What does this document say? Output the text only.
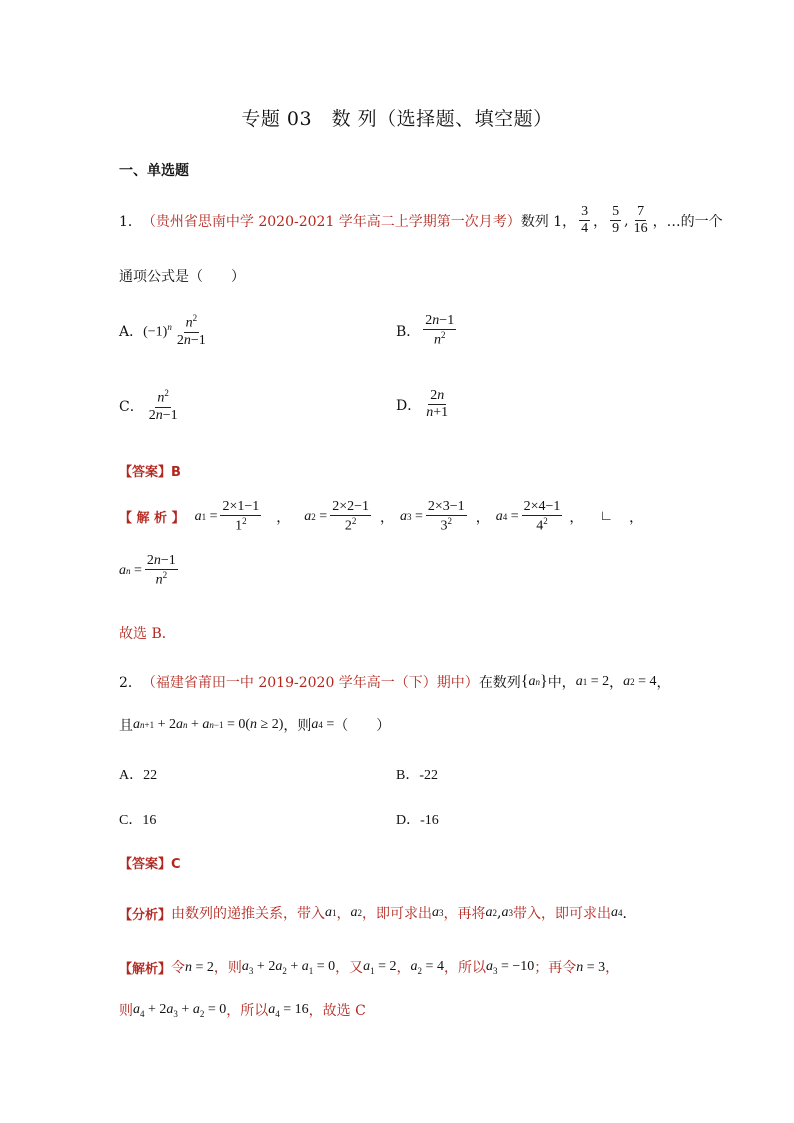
专题 03　数 列（选择题、填空题）
一、单选题
1． （贵州省思南中学 2020-2021 学年高二上学期第一次月考） 数列 1， $\frac{3}{4}$ ， $\frac{5}{9}$ , $\frac{7}{16}$ ，…的一个
通项公式是（　　）
A． $(-1)^n \frac{n^2}{2n-1}$	B． $\frac{2n-1}{n^2}$
C． $\frac{n^2}{2n-1}$	D． $\frac{2n}{n+1}$
【答案】B
【 解 析 】 a $1 = \frac{2\times 1-1}{1^2}$ ， a $2 = \frac{2\times 2-1}{2^2}$ ， a $3 = \frac{2\times 3-1}{3^2}$ ， a $4 = \frac{2\times 4-1}{4^2}$ ， ∟ ，
a $n = \frac{2n-1}{n^2}$
故选 B．
2． （福建省莆田一中 2019-2020 学年高一（下）期中） 在数列 { a n } 中， a 1 = 2 ， a 2 = 4 ，
且 a n +1 + 2 a n + a n −1 = 0( n ≥ 2) ，则 a 4 = （　　）
A．22	B．-22
C．16	D．-16
【答案】C
【分析】 由数列的递推关系，带入 a 1 ， a 2 ，即可求出 a 3 ，再将 a 2 , a 3 带入，即可求出 a 4 ．
【解析】 令 n = 2 ，则 $a_3 + 2a_2 + a_1 = 0$ ，又 $a_1 = 2$ ， $a_2 = 4$ ，所以 $a_3 = -10$ ；再令 n = 3 ，
则 $a_4 + 2a_3 + a_2 = 0$ ，所以 $a_4 = 16$ ，故选 C
